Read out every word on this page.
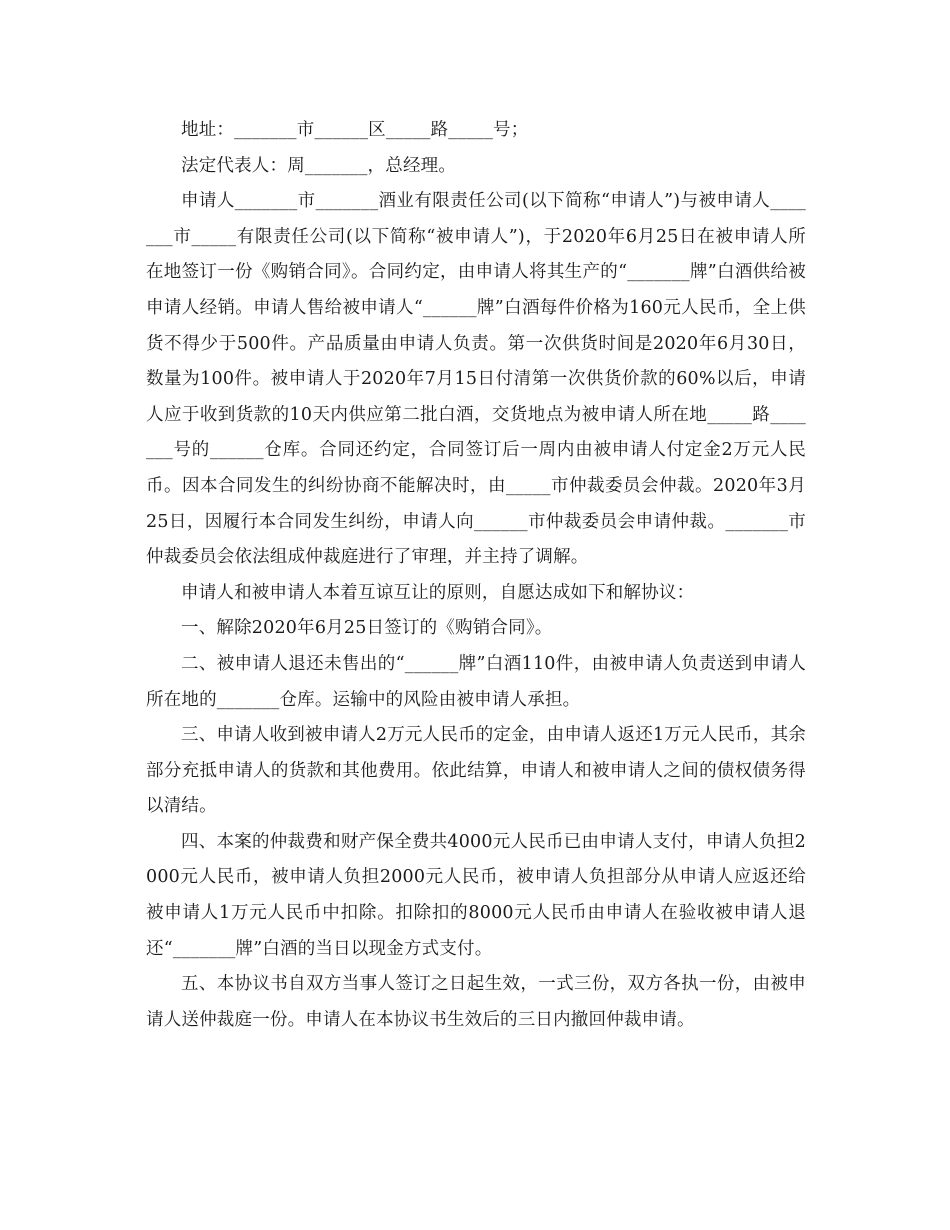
地址：_______市______区_____路_____号；

法定代表人：周_______，总经理。

申请人_______市_______酒业有限责任公司(以下简称“申请人”)与被申请人_______市_____有限责任公司(以下简称“被申请人”)，于2020年6月25日在被申请人所在地签订一份《购销合同》。合同约定，由申请人将其生产的“_______牌”白酒供给被申请人经销。申请人售给被申请人“______牌”白酒每件价格为160元人民币，全上供货不得少于500件。产品质量由申请人负责。第一次供货时间是2020年6月30日，数量为100件。被申请人于2020年7月15日付清第一次供货价款的60%以后，申请人应于收到货款的10天内供应第二批白酒，交货地点为被申请人所在地_____路_______号的______仓库。合同还约定，合同签订后一周内由被申请人付定金2万元人民币。因本合同发生的纠纷协商不能解决时，由_____市仲裁委员会仲裁。2020年3月25日，因履行本合同发生纠纷，申请人向______市仲裁委员会申请仲裁。_______市仲裁委员会依法组成仲裁庭进行了审理，并主持了调解。

申请人和被申请人本着互谅互让的原则，自愿达成如下和解协议：

一、解除2020年6月25日签订的《购销合同》。

二、被申请人退还未售出的“______牌”白酒110件，由被申请人负责送到申请人所在地的_______仓库。运输中的风险由被申请人承担。

三、申请人收到被申请人2万元人民币的定金，由申请人返还1万元人民币，其余部分充抵申请人的货款和其他费用。依此结算，申请人和被申请人之间的债权债务得以清结。

四、本案的仲裁费和财产保全费共4000元人民币已由申请人支付，申请人负担2000元人民币，被申请人负担2000元人民币，被申请人负担部分从申请人应返还给被申请人1万元人民币中扣除。扣除扣的8000元人民币由申请人在验收被申请人退还“_______牌”白酒的当日以现金方式支付。

五、本协议书自双方当事人签订之日起生效，一式三份，双方各执一份，由被申请人送仲裁庭一份。申请人在本协议书生效后的三日内撤回仲裁申请。
